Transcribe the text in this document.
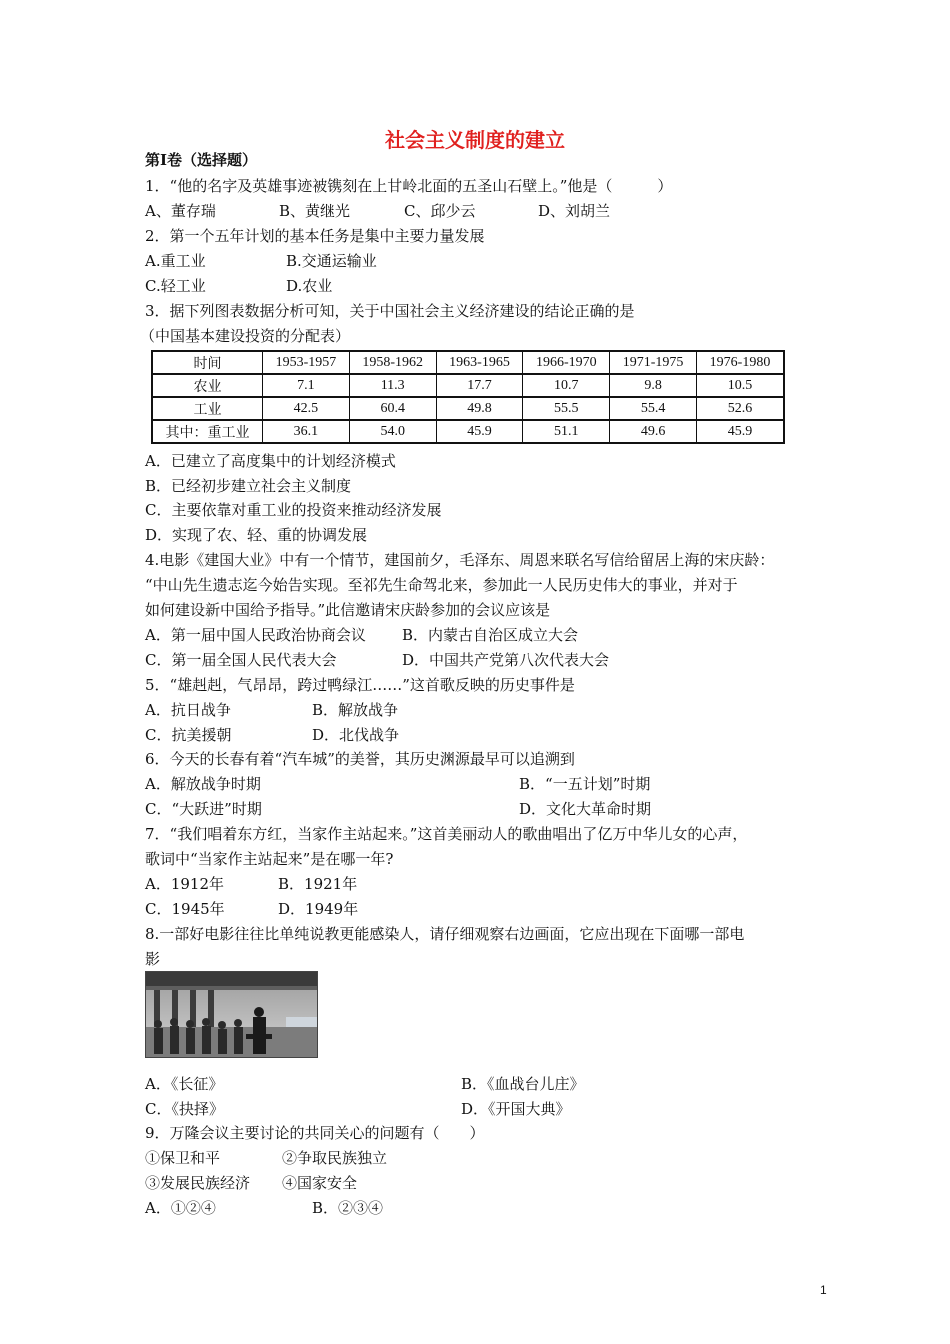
社会主义制度的建立
第I卷（选择题）
1．“他的名字及英雄事迹被镌刻在上甘岭北面的五圣山石壁上。”他是（　　　）
A、董存瑞	B、黄继光	C、邱少云	D、刘胡兰
2．第一个五年计划的基本任务是集中主要力量发展
A.重工业	B.交通运输业
C.轻工业	D.农业
3．据下列图表数据分析可知，关于中国社会主义经济建设的结论正确的是
（中国基本建设投资的分配表）
时间	1953-1957	1958-1962	1963-1965	1966-1970	1971-1975	1976-1980
农业	7.1	11.3	17.7	10.7	9.8	10.5
工业	42.5	60.4	49.8	55.5	55.4	52.6
其中：重工业	36.1	54.0	45.9	51.1	49.6	45.9
A．已建立了高度集中的计划经济模式
B．已经初步建立社会主义制度
C．主要依靠对重工业的投资来推动经济发展
D．实现了农、轻、重的协调发展
4.电影《建国大业》中有一个情节，建国前夕，毛泽东、周恩来联名写信给留居上海的宋庆龄：
“中山先生遗志迄今始告实现。至祁先生命驾北来，参加此一人民历史伟大的事业，并对于
如何建设新中国给予指导。”此信邀请宋庆龄参加的会议应该是
A．第一届中国人民政治协商会议 B．内蒙古自治区成立大会
C．第一届全国人民代表大会	D．中国共产党第八次代表大会
5．“雄赳赳，气昂昂，跨过鸭绿江……”这首歌反映的历史事件是
A．抗日战争	B．解放战争
C．抗美援朝	D．北伐战争
6．今天的长春有着“汽车城”的美誉，其历史渊源最早可以追溯到
A．解放战争时期	B．“一五计划”时期
C．“大跃进”时期	D．文化大革命时期
7．“我们唱着东方红，当家作主站起来。”这首美丽动人的歌曲唱出了亿万中华儿女的心声，
歌词中“当家作主站起来”是在哪一年?
A．1912年	B．1921年
C．1945年	D．1949年
8.一部好电影往往比单纯说教更能感染人，请仔细观察右边画面，它应出现在下面哪一部电
影
A．《长征》	B．《血战台儿庄》
C．《抉择》	D．《开国大典》
9．万隆会议主要讨论的共同关心的问题有（　　）
①保卫和平	②争取民族独立
③发展民族经济 ④国家安全
A．①②④	B．②③④
1
